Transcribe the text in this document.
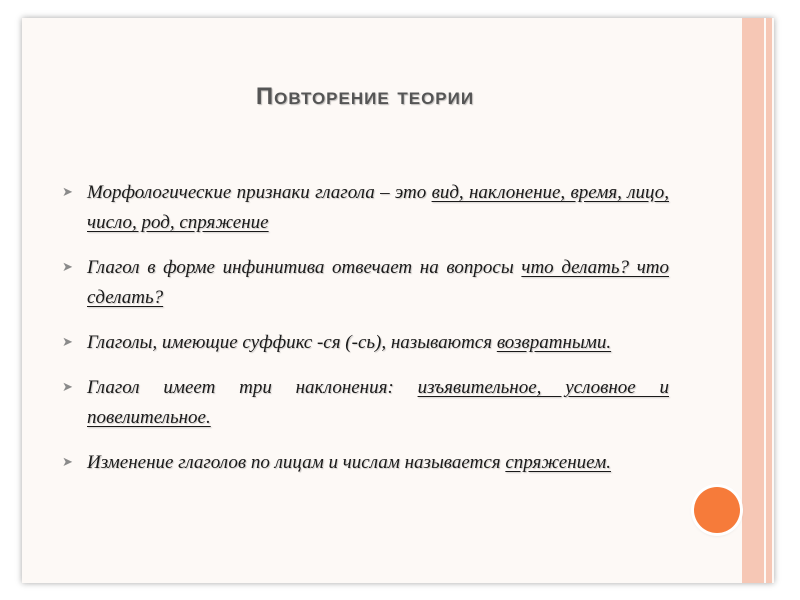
Повторение теории
➤ Морфологические признаки глагола – это вид, наклонение, время, лицо, число, род, спряжение
➤ Глагол в форме инфинитива отвечает на вопросы что делать? что сделать?
➤ Глаголы, имеющие суффикс -ся (-сь), называются возвратными.
➤ Глагол имеет три наклонения: изъявительное, условное и повелительное.
➤ Изменение глаголов по лицам и числам называется спряжением.
